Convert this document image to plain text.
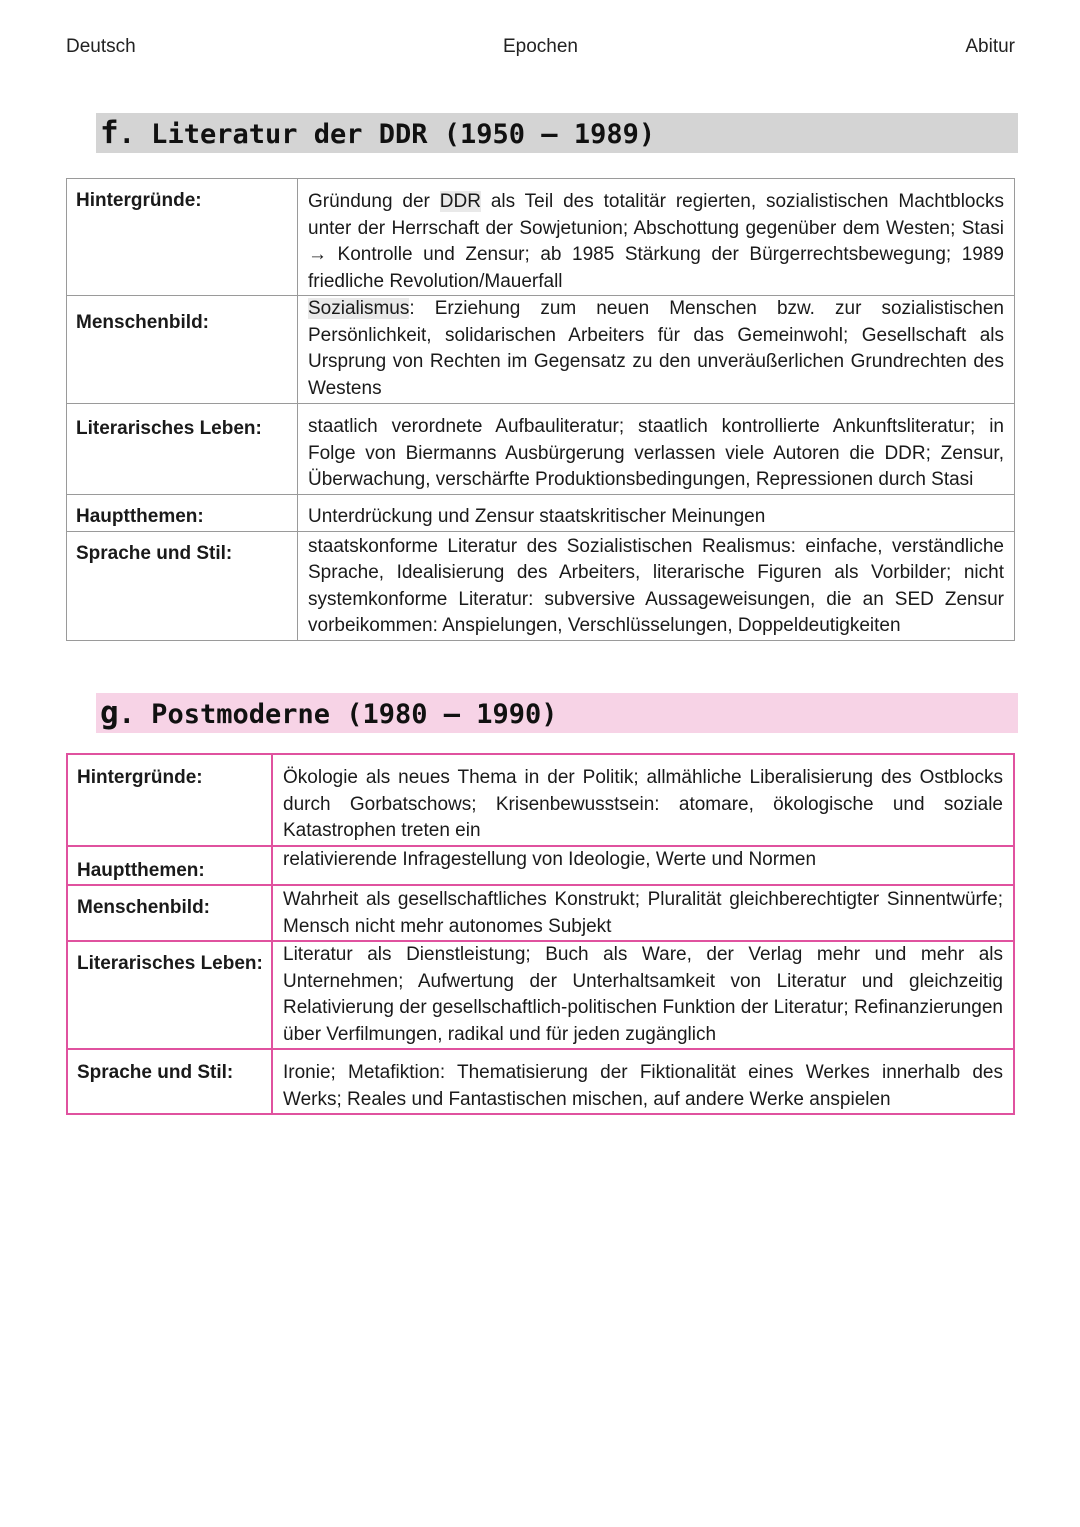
Deutsch	Epochen	Abitur
f. Literatur der DDR (1950 – 1989)
Hintergründe:	Gründung der DDR als Teil des totalitär regierten, sozialistischen Machtblocks unter der Herrschaft der Sowjetunion; Abschottung gegenüber dem Westen; Stasi → Kontrolle und Zensur; ab 1985 Stärkung der Bürgerrechtsbewegung; 1989 friedliche Revolution/Mauerfall
Menschenbild:	Sozialismus: Erziehung zum neuen Menschen bzw. zur sozialistischen Persönlichkeit, solidarischen Arbeiters für das Gemeinwohl; Gesellschaft als Ursprung von Rechten im Gegensatz zu den unveräußerlichen Grundrechten des Westens
Literarisches Leben:	staatlich verordnete Aufbauliteratur; staatlich kontrollierte Ankunftsliteratur; in Folge von Biermanns Ausbürgerung verlassen viele Autoren die DDR; Zensur, Überwachung, verschärfte Produktionsbedingungen, Repressionen durch Stasi
Hauptthemen:	Unterdrückung und Zensur staatskritischer Meinungen
Sprache und Stil:	staatskonforme Literatur des Sozialistischen Realismus: einfache, verständliche Sprache, Idealisierung des Arbeiters, literarische Figuren als Vorbilder; nicht systemkonforme Literatur: subversive Aussageweisungen, die an SED Zensur vorbeikommen: Anspielungen, Verschlüsselungen, Doppeldeutigkeiten
g. Postmoderne (1980 – 1990)
Hintergründe:	Ökologie als neues Thema in der Politik; allmähliche Liberalisierung des Ostblocks durch Gorbatschows; Krisenbewusstsein: atomare, ökologische und soziale Katastrophen treten ein
Hauptthemen:	relativierende Infragestellung von Ideologie, Werte und Normen
Menschenbild:	Wahrheit als gesellschaftliches Konstrukt; Pluralität gleichberechtigter Sinnentwürfe; Mensch nicht mehr autonomes Subjekt
Literarisches Leben:	Literatur als Dienstleistung; Buch als Ware, der Verlag mehr und mehr als Unternehmen; Aufwertung der Unterhaltsamkeit von Literatur und gleichzeitig Relativierung der gesellschaftlich-politischen Funktion der Literatur; Refinanzierungen über Verfilmungen, radikal und für jeden zugänglich
Sprache und Stil:	Ironie; Metafiktion: Thematisierung der Fiktionalität eines Werkes innerhalb des Werks; Reales und Fantastischen mischen, auf andere Werke anspielen
